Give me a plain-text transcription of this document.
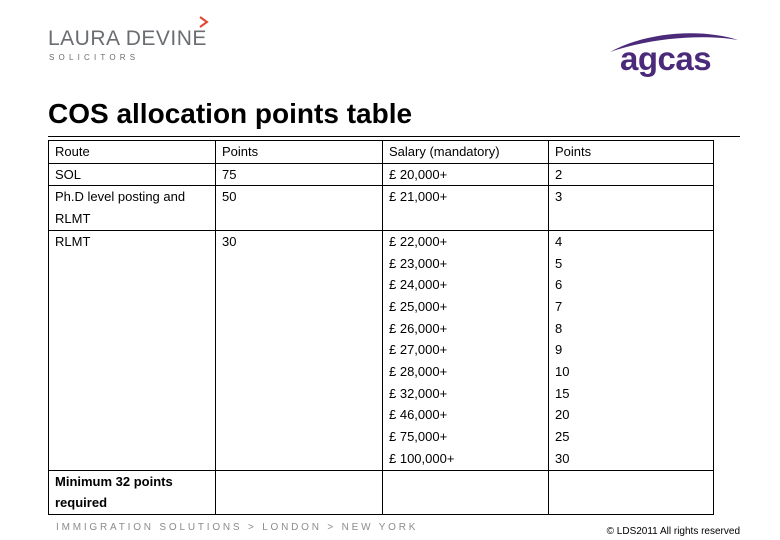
LAURA DEVINE
SOLICITORS	agcas
COS allocation points table
Route	Points	Salary (mandatory)	Points
SOL	75	£ 20,000+	2
Ph.D level posting and RLMT	50	£ 21,000+	3
RLMT	30	£ 22,000+	4
		£ 23,000+	5
		£ 24,000+	6
		£ 25,000+	7
		£ 26,000+	8
		£ 27,000+	9
		£ 28,000+	10
		£ 32,000+	15
		£ 46,000+	20
		£ 75,000+	25
		£ 100,000+	30
Minimum 32 points required			
IMMIGRATION SOLUTIONS > LONDON > NEW YORK	© LDS2011 All rights reserved
